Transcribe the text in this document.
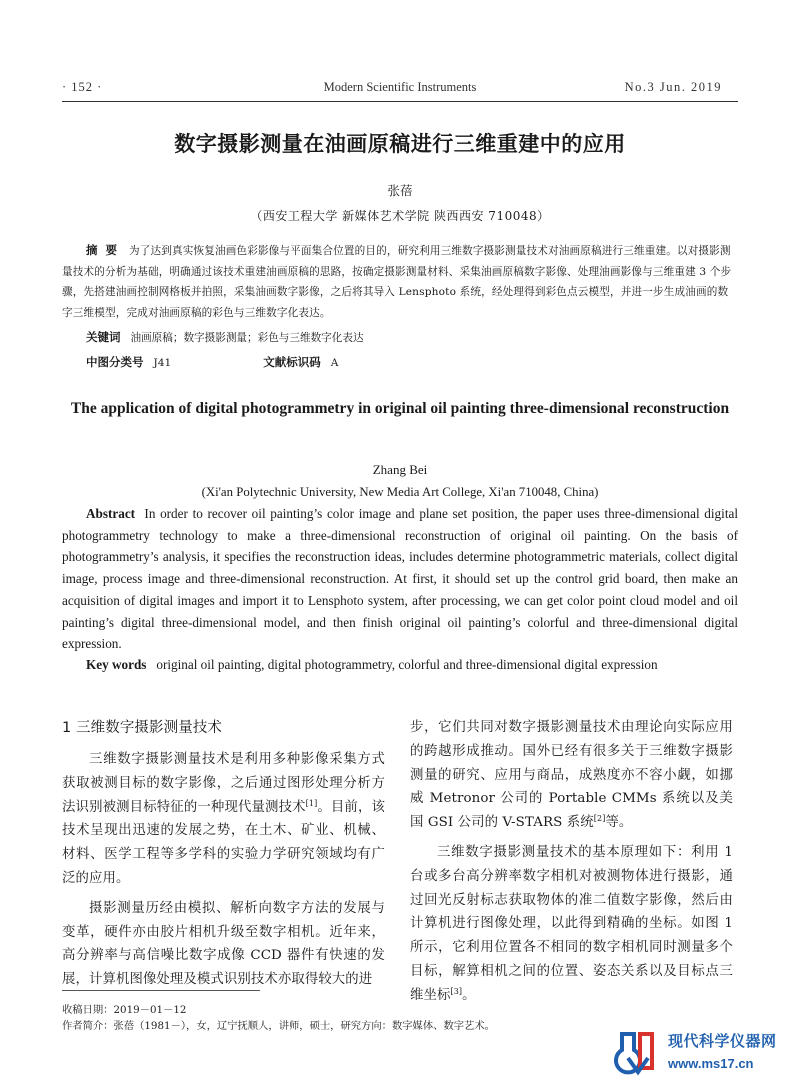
· 152 ·	Modern Scientific Instruments	No.3 Jun. 2019
数字摄影测量在油画原稿进行三维重建中的应用
张蓓
（西安工程大学 新媒体艺术学院 陕西西安 710048）
摘 要 为了达到真实恢复油画色彩影像与平面集合位置的目的，研究利用三维数字摄影测量技术对油画原稿进行三维重建。以对摄影测量技术的分析为基础，明确通过该技术重建油画原稿的思路，按确定摄影测量材料、采集油画原稿数字影像、处理油画影像与三维重建 3 个步骤，先搭建油画控制网格板并拍照，采集油画数字影像，之后将其导入 Lensphoto 系统，经处理得到彩色点云模型，并进一步生成油画的数字三维模型，完成对油画原稿的彩色与三维数字化表达。
关键词 油画原稿；数字摄影测量；彩色与三维数字化表达
中图分类号 J41	文献标识码 A
The application of digital photogrammetry in original oil painting three-dimensional reconstruction
Zhang Bei
(Xi'an Polytechnic University, New Media Art College, Xi'an 710048, China)
Abstract In order to recover oil painting’s color image and plane set position, the paper uses three-dimensional digital photogrammetry technology to make a three-dimensional reconstruction of original oil painting. On the basis of photogrammetry’s analysis, it specifies the reconstruction ideas, includes determine photogrammetric materials, collect digital image, process image and three-dimensional reconstruction. At first, it should set up the control grid board, then make an acquisition of digital images and import it to Lensphoto system, after processing, we can get color point cloud model and oil painting’s digital three-dimensional model, and then finish original oil painting’s colorful and three-dimensional digital expression.
Key words original oil painting, digital photogrammetry, colorful and three-dimensional digital expression
1 三维数字摄影测量技术

三维数字摄影测量技术是利用多种影像采集方式获取被测目标的数字影像，之后通过图形处理分析方法识别被测目标特征的一种现代量测技术[1]。目前，该技术呈现出迅速的发展之势，在土木、矿业、机械、材料、医学工程等多学科的实验力学研究领域均有广泛的应用。

摄影测量历经由模拟、解析向数字方法的发展与变革，硬件亦由胶片相机升级至数字相机。近年来，高分辨率与高信噪比数字成像 CCD 器件有快速的发展，计算机图像处理及模式识别技术亦取得较大的进

步，它们共同对数字摄影测量技术由理论向实际应用的跨越形成推动。国外已经有很多关于三维数字摄影测量的研究、应用与商品，成熟度亦不容小觑，如挪威 Metronor 公司的 Portable CMMs 系统以及美国 GSI 公司的 V-STARS 系统[2]等。

三维数字摄影测量技术的基本原理如下：利用 1 台或多台高分辨率数字相机对被测物体进行摄影，通过回光反射标志获取物体的准二值数字影像，然后由计算机进行图像处理，以此得到精确的坐标。如图 1 所示，它利用位置各不相同的数字相机同时测量多个目标，解算相机之间的位置、姿态关系以及目标点三维坐标[3]。

收稿日期：2019－01－12
作者简介：张蓓（1981－），女，辽宁抚顺人，讲师，硕士，研究方向：数字媒体、数字艺术。
现代科学仪器网
www.ms17.cn
